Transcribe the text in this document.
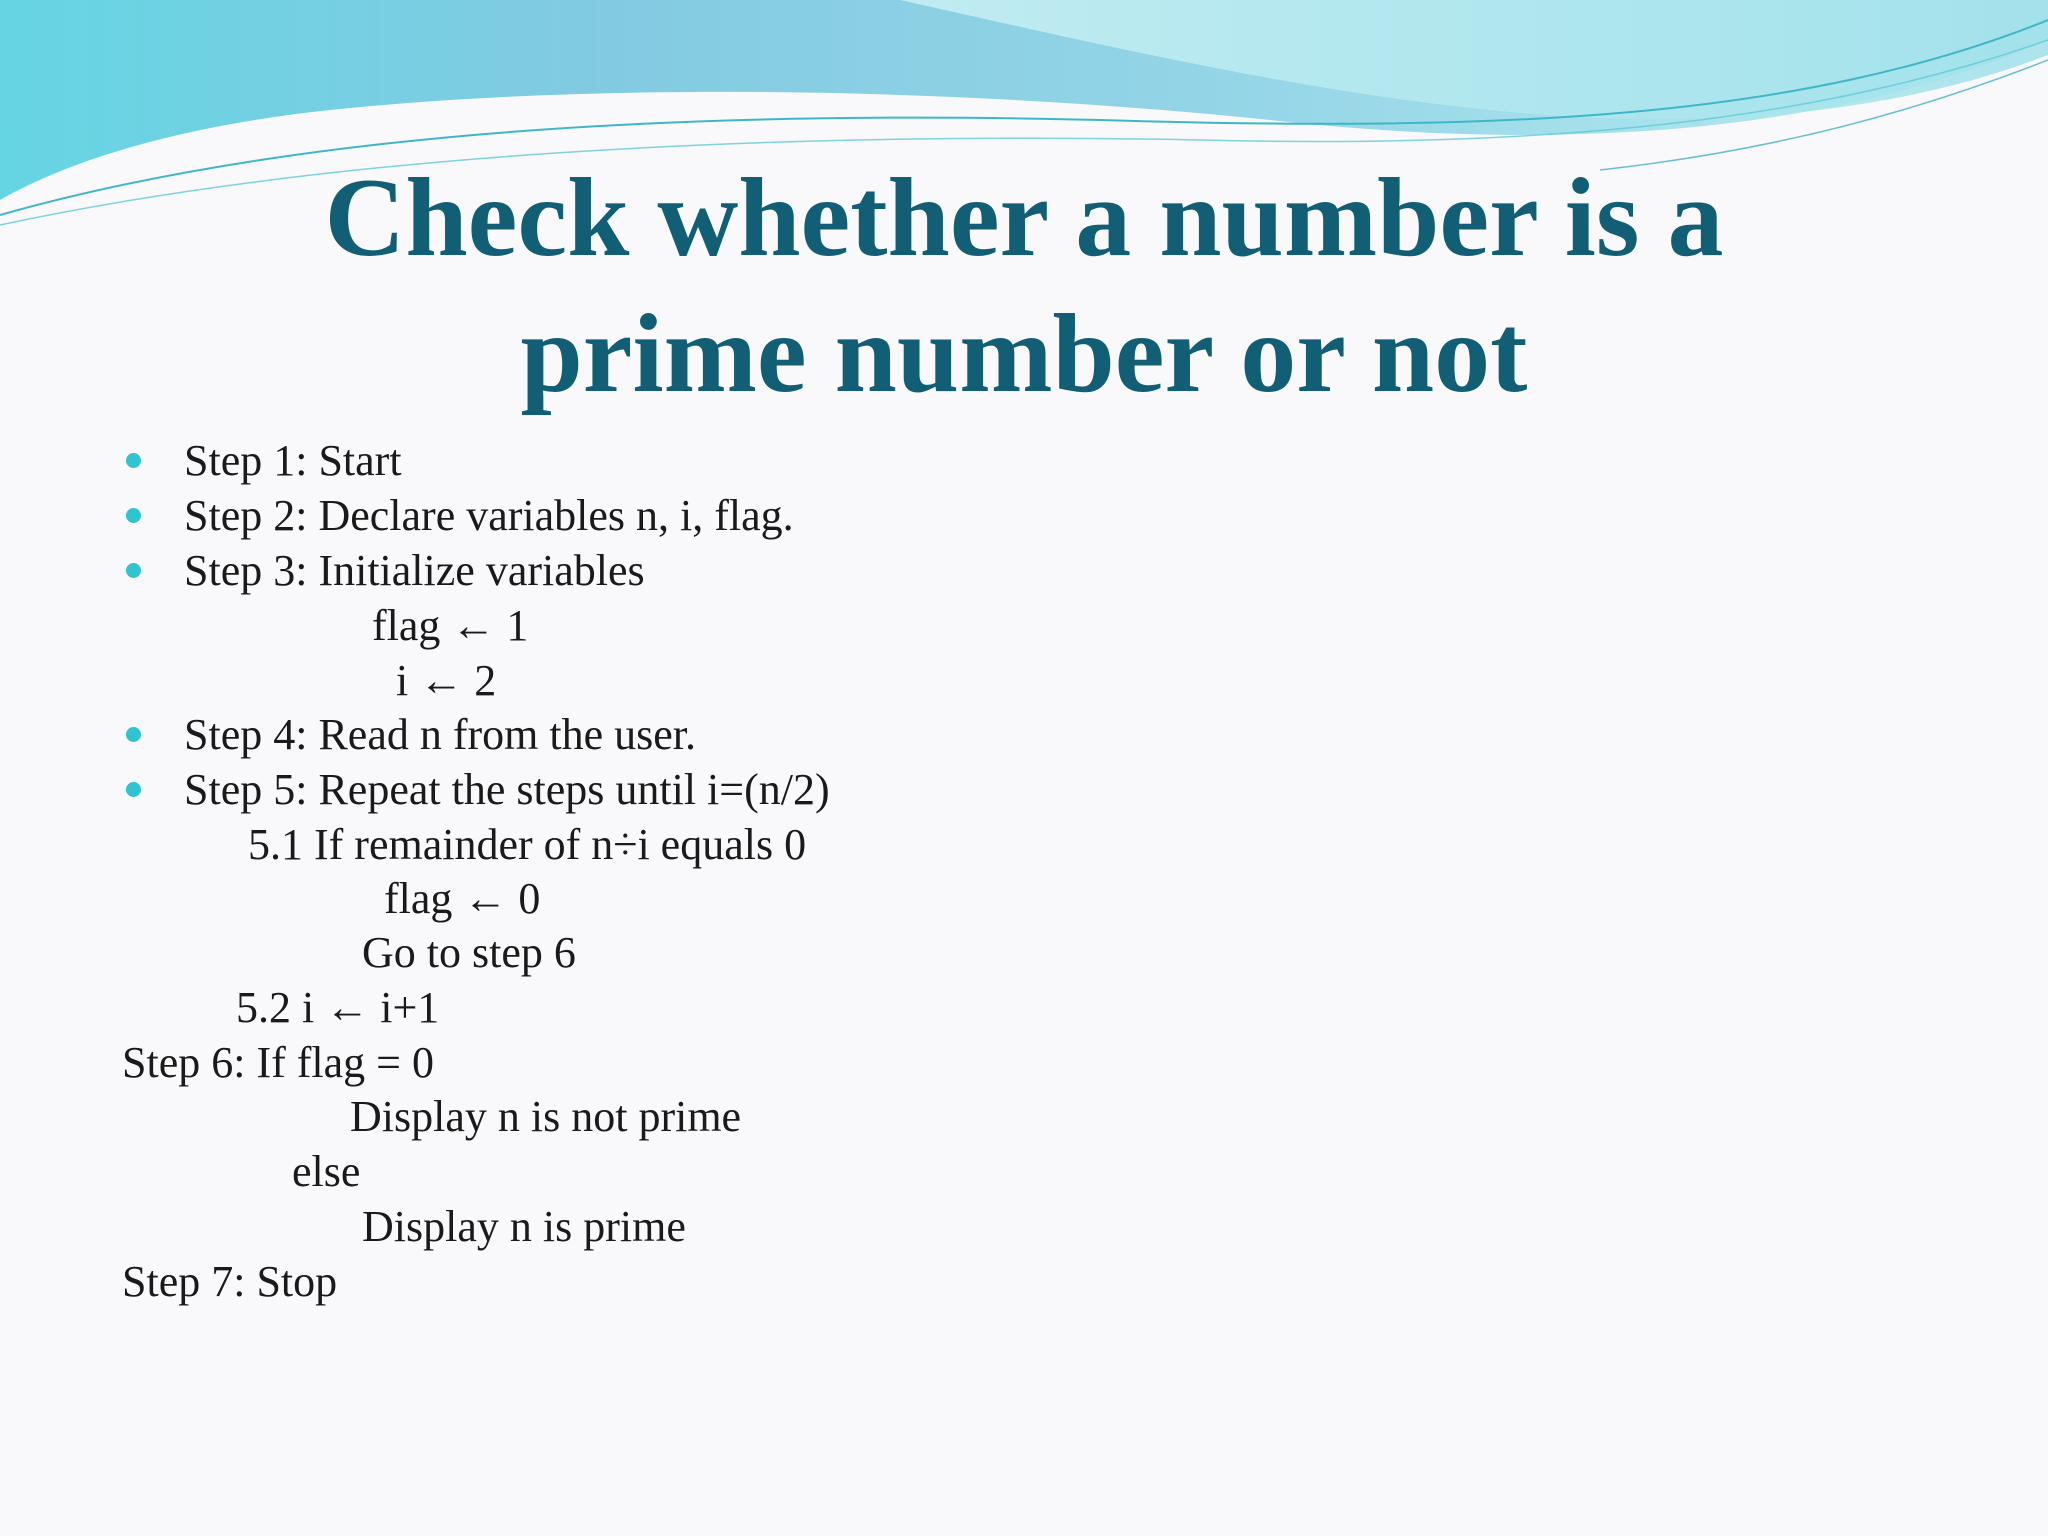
Check whether a number is a
prime number or not
Step 1: Start
Step 2: Declare variables n, i, flag.
Step 3: Initialize variables
flag ← 1
i ← 2
Step 4: Read n from the user.
Step 5: Repeat the steps until i=(n/2)
5.1 If remainder of n÷i equals 0
flag ← 0
Go to step 6
5.2 i ← i+1
Step 6: If flag = 0
Display n is not prime
else
Display n is prime
Step 7: Stop
